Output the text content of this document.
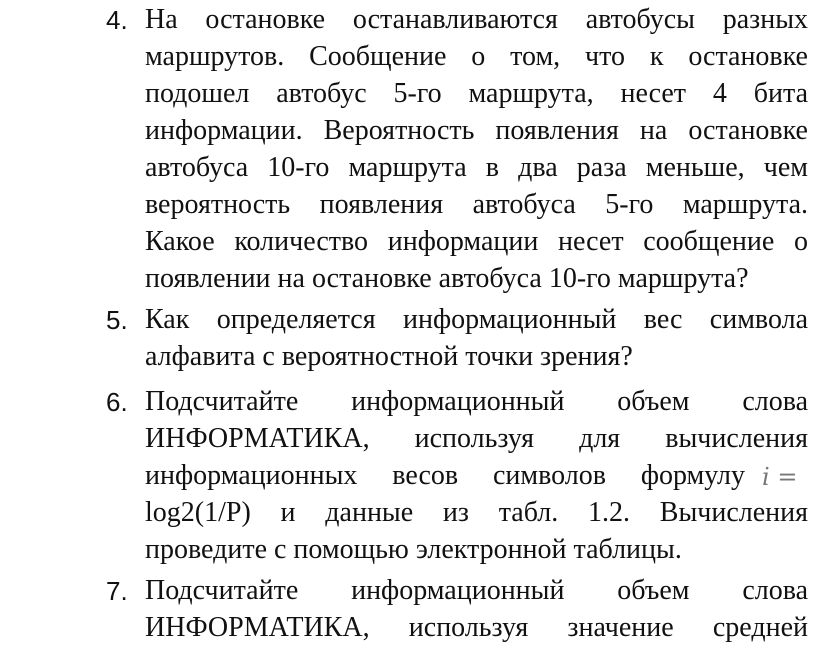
4. На остановке останавливаются автобусы разных
маршрутов. Сообщение о том, что к остановке
подошел автобус 5-го маршрута, несет 4 бита
информации. Вероятность появления на остановке
автобуса 10-го маршрута в два раза меньше, чем
вероятность появления автобуса 5-го маршрута.
Какое количество информации несет сообщение о
появлении на остановке автобуса 10-го маршрута?
5. Как определяется информационный вес символа
алфавита с вероятностной точки зрения?
6. Подсчитайте информационный объем слова
ИНФОРМАТИКА, используя для вычисления
информационных весов символов формулу i =
log2(1/P) и данные из табл. 1.2. Вычисления
проведите с помощью электронной таблицы.
7. Подсчитайте информационный объем слова
ИНФОРМАТИКА, используя значение средней
